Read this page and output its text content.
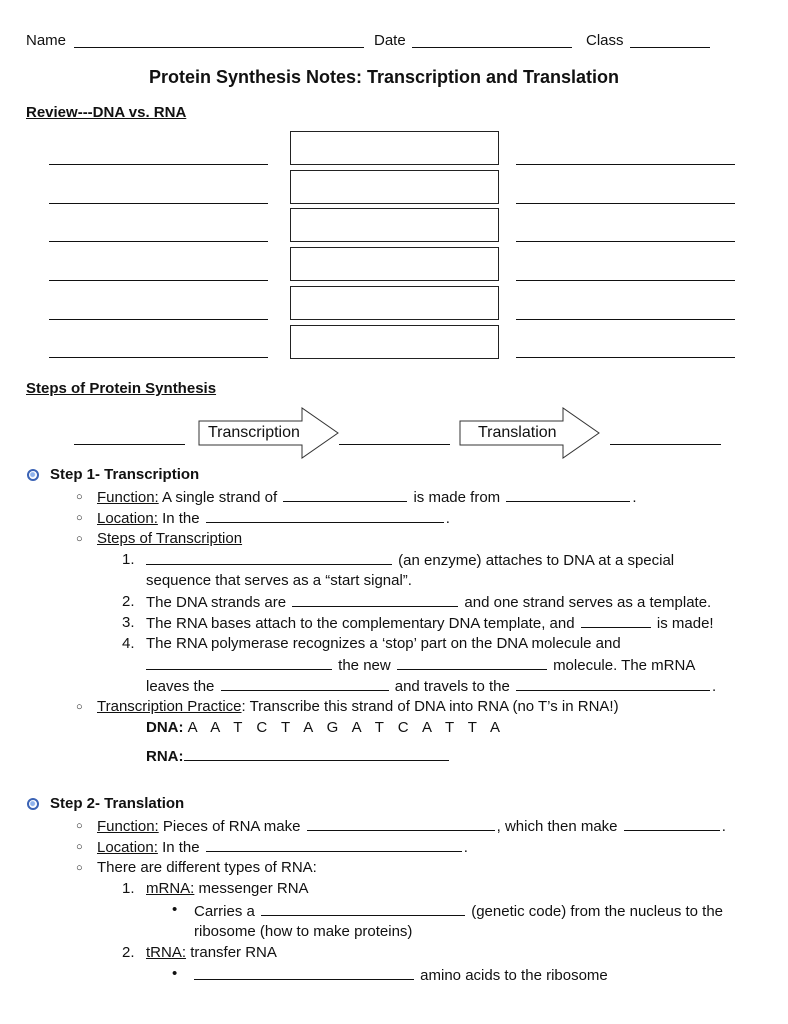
Name	Date	Class
Protein Synthesis Notes: Transcription and Translation
Review---DNA vs. RNA
Steps of Protein Synthesis
Transcription	Translation
Step 1- Transcription
○ Function: A single strand of	is made from	.
○ Location: In the	.
○ Steps of Transcription
1.	(an enzyme) attaches to DNA at a special
sequence that serves as a “start signal”.
2. The DNA strands are	and one strand serves as a template.
3. The RNA bases attach to the complementary DNA template, and	is made!
4. The RNA polymerase recognizes a ‘stop’ part on the DNA molecule and
the new	molecule. The mRNA
leaves the	and travels to the	.
○ Transcription Practice: Transcribe this strand of DNA into RNA (no T’s in RNA!)
DNA: A A T C T A G A T C A T T A
RNA:
Step 2- Translation
○ Function: Pieces of RNA make	, which then make	.
○ Location: In the	.
○ There are different types of RNA:
1. mRNA: messenger RNA
• Carries a	(genetic code) from the nucleus to the
ribosome (how to make proteins)
2. tRNA: transfer RNA
•	amino acids to the ribosome
